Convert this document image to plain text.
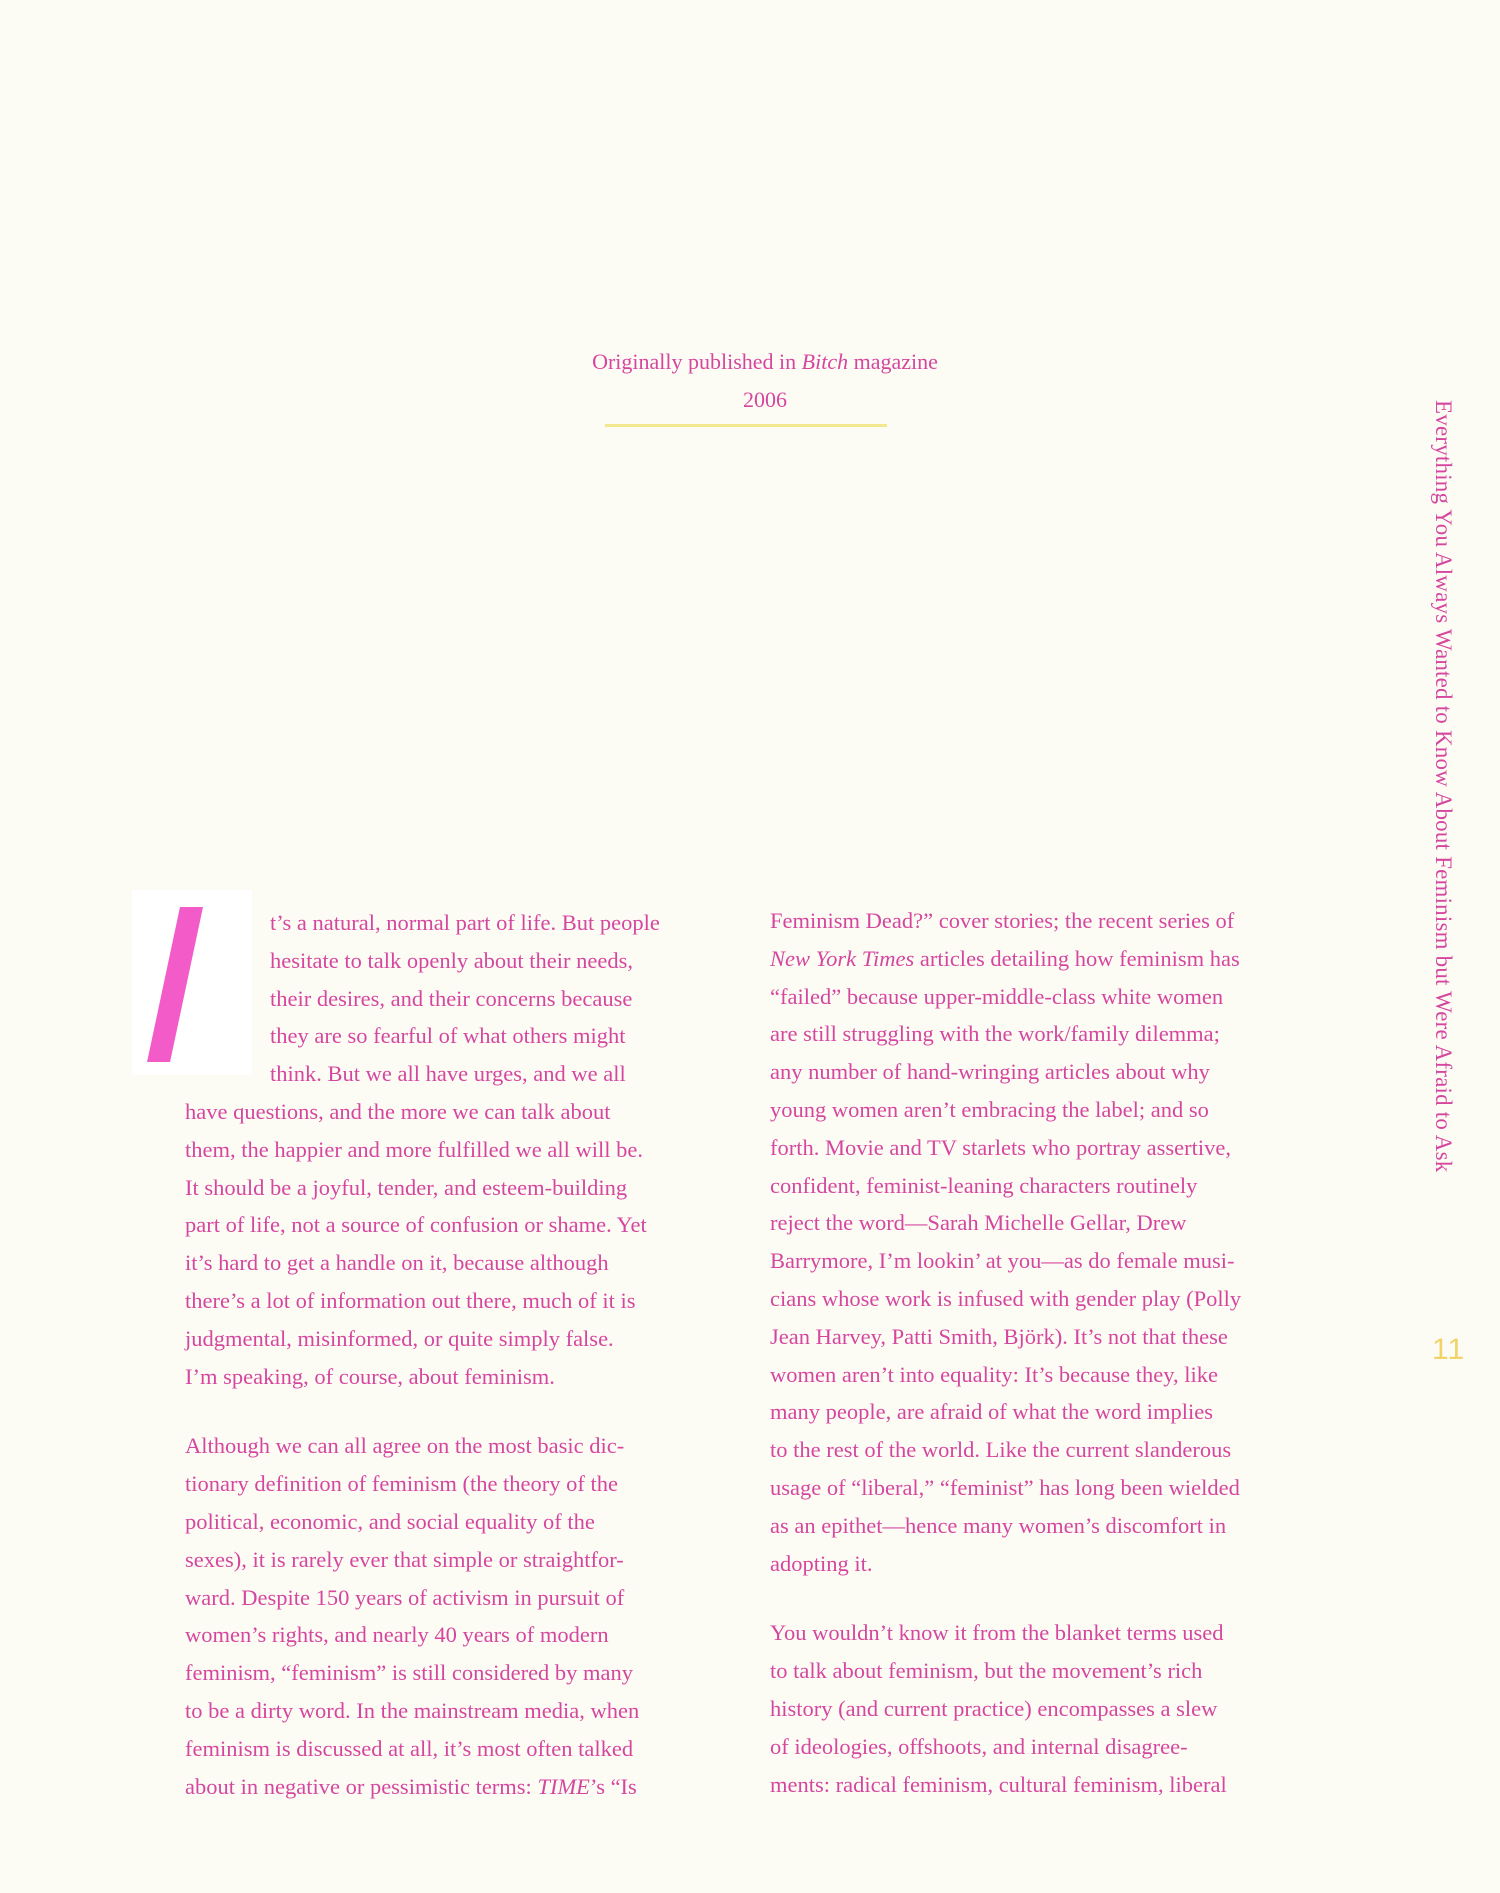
Originally published in Bitch magazine
2006
t’s a natural, normal part of life. But people
hesitate to talk openly about their needs,
their desires, and their concerns because
they are so fearful of what others might
think. But we all have urges, and we all
have questions, and the more we can talk about
them, the happier and more fulfilled we all will be.
It should be a joyful, tender, and esteem-building
part of life, not a source of confusion or shame. Yet
it’s hard to get a handle on it, because although
there’s a lot of information out there, much of it is
judgmental, misinformed, or quite simply false.
I’m speaking, of course, about feminism.
Although we can all agree on the most basic dic-
tionary definition of feminism (the theory of the
political, economic, and social equality of the
sexes), it is rarely ever that simple or straightfor-
ward. Despite 150 years of activism in pursuit of
women’s rights, and nearly 40 years of modern
feminism, “feminism” is still considered by many
to be a dirty word. In the mainstream media, when
feminism is discussed at all, it’s most often talked
about in negative or pessimistic terms: TIME’s “Is
Feminism Dead?” cover stories; the recent series of
New York Times articles detailing how feminism has
“failed” because upper-middle-class white women
are still struggling with the work/family dilemma;
any number of hand-wringing articles about why
young women aren’t embracing the label; and so
forth. Movie and TV starlets who portray assertive,
confident, feminist-leaning characters routinely
reject the word—Sarah Michelle Gellar, Drew
Barrymore, I’m lookin’ at you—as do female musi-
cians whose work is infused with gender play (Polly
Jean Harvey, Patti Smith, Björk). It’s not that these
women aren’t into equality: It’s because they, like
many people, are afraid of what the word implies
to the rest of the world. Like the current slanderous
usage of “liberal,” “feminist” has long been wielded
as an epithet—hence many women’s discomfort in
adopting it.
You wouldn’t know it from the blanket terms used
to talk about feminism, but the movement’s rich
history (and current practice) encompasses a slew
of ideologies, offshoots, and internal disagree-
ments: radical feminism, cultural feminism, liberal
Everything You Always Wanted to Know About Feminism but Were Afraid to Ask
11
